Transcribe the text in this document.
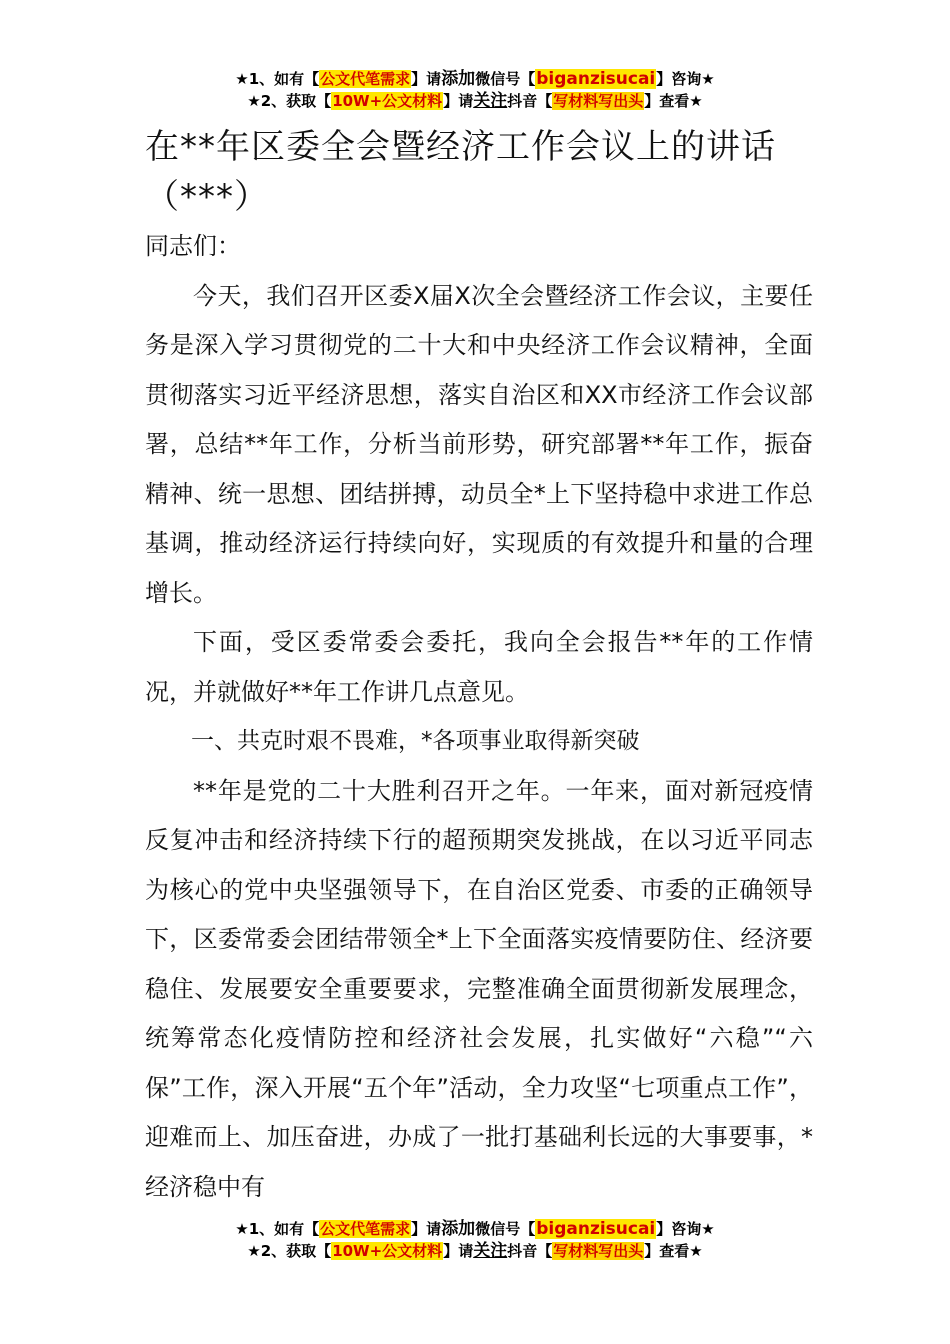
★1、如有【公文代笔需求】请添加微信号【biganzisucai】咨询★
★2、获取【10W+公文材料】请关注抖音【写材料写出头】查看★
在**年区委全会暨经济工作会议上的讲话（***）

同志们：

今天，我们召开区委Ⅹ届Ⅹ次全会暨经济工作会议，主要任务是深入学习贯彻党的二十大和中央经济工作会议精神，全面贯彻落实习近平经济思想，落实自治区和XX市经济工作会议部署，总结**年工作，分析当前形势，研究部署**年工作，振奋精神、统一思想、团结拼搏，动员全*上下坚持稳中求进工作总基调，推动经济运行持续向好，实现质的有效提升和量的合理增长。

下面，受区委常委会委托，我向全会报告**年的工作情况，并就做好**年工作讲几点意见。

一、共克时艰不畏难，*各项事业取得新突破

**年是党的二十大胜利召开之年。一年来，面对新冠疫情反复冲击和经济持续下行的超预期突发挑战，在以习近平同志为核心的党中央坚强领导下，在自治区党委、市委的正确领导下，区委常委会团结带领全*上下全面落实疫情要防住、经济要稳住、发展要安全重要要求，完整准确全面贯彻新发展理念，统筹常态化疫情防控和经济社会发展，扎实做好“六稳”“六保”工作，深入开展“五个年”活动，全力攻坚“七项重点工作”，迎难而上、加压奋进，办成了一批打基础利长远的大事要事，*经济稳中有

★1、如有【公文代笔需求】请添加微信号【biganzisucai】咨询★
★2、获取【10W+公文材料】请关注抖音【写材料写出头】查看★
